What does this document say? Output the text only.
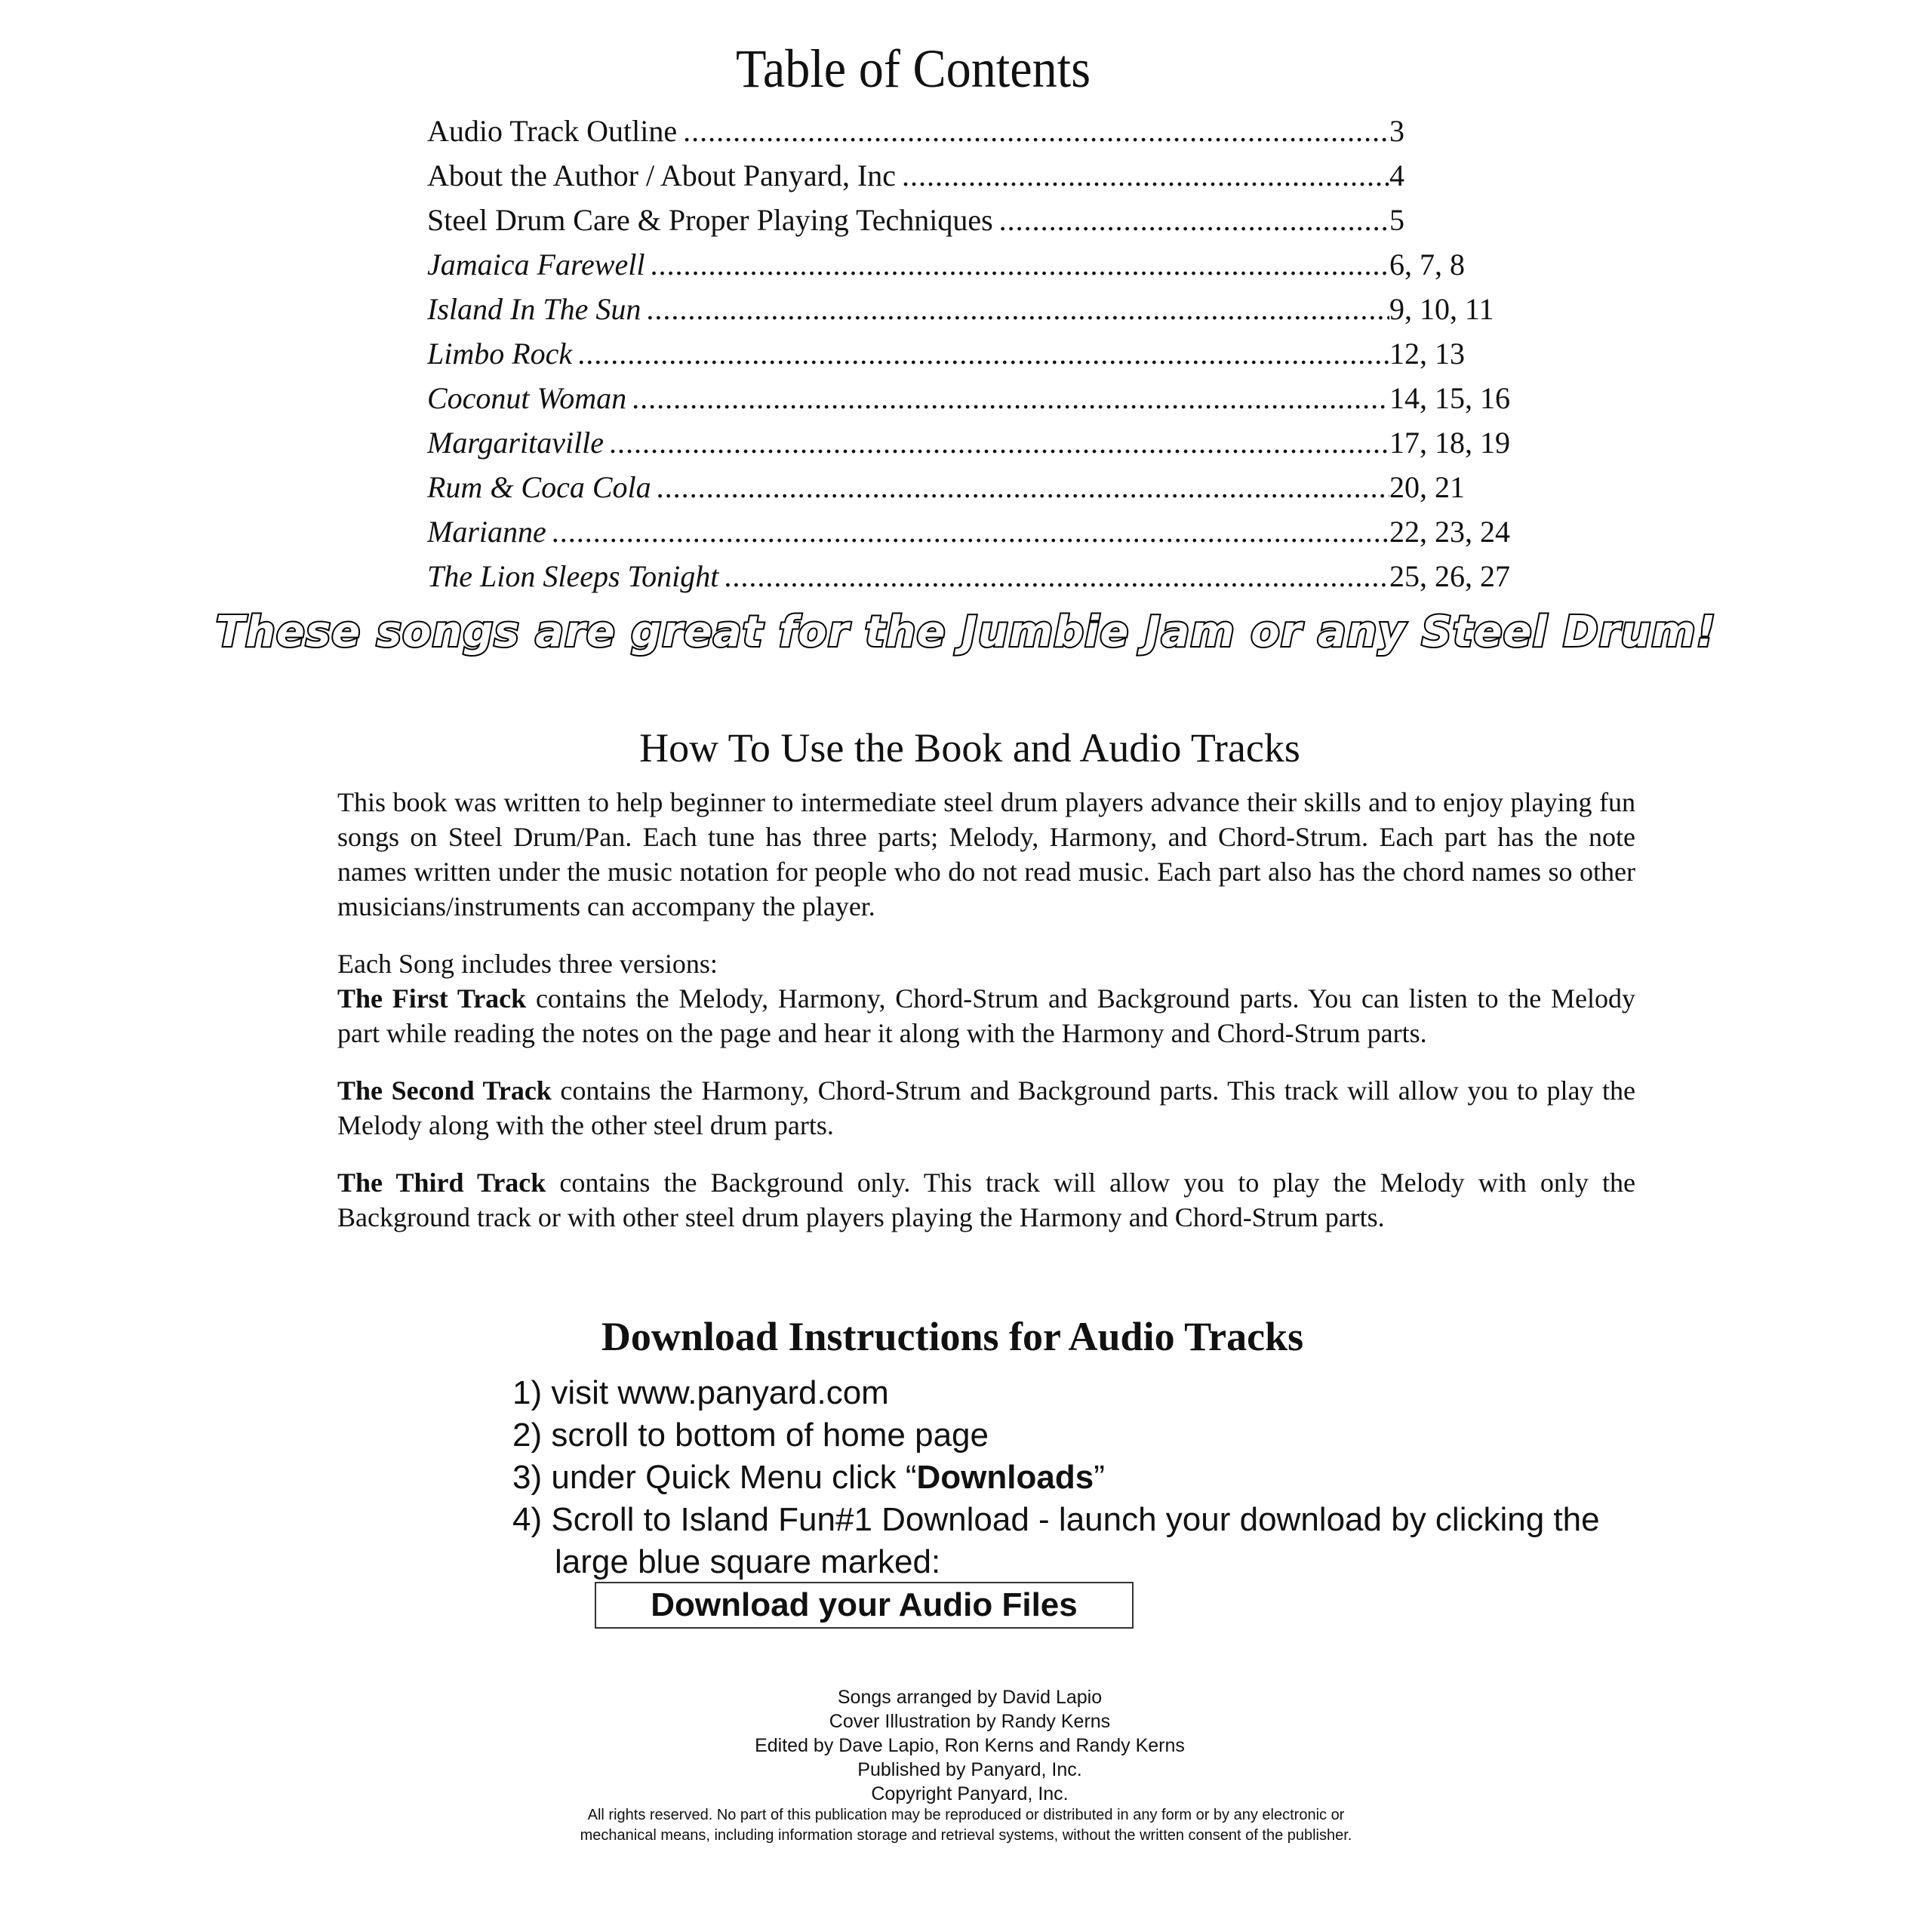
Table of Contents
Audio Track Outline .....	3
About the Author / About Panyard, Inc .....	4
Steel Drum Care & Proper Playing Techniques .....	5
Jamaica Farewell .....	6, 7, 8
Island In The Sun .....	9, 10, 11
Limbo Rock .....	12, 13
Coconut Woman .....	14, 15, 16
Margaritaville .....	17, 18, 19
Rum & Coca Cola .....	20, 21
Marianne .....	22, 23, 24
The Lion Sleeps Tonight .....	25, 26, 27
These songs are great for the Jumbie Jam or any Steel Drum!
How To Use the Book and Audio Tracks

This book was written to help beginner to intermediate steel drum players advance their skills and to enjoy playing fun songs on Steel Drum/Pan. Each tune has three parts; Melody, Harmony, and Chord-Strum. Each part has the note names written under the music notation for people who do not read music. Each part also has the chord names so other musicians/instruments can accompany the player.

Each Song includes three versions:

The First Track contains the Melody, Harmony, Chord-Strum and Background parts. You can listen to the Melody part while reading the notes on the page and hear it along with the Harmony and Chord-Strum parts.

The Second Track contains the Harmony, Chord-Strum and Background parts. This track will allow you to play the Melody along with the other steel drum parts.

The Third Track contains the Background only. This track will allow you to play the Melody with only the Background track or with other steel drum players playing the Harmony and Chord-Strum parts.

Download Instructions for Audio Tracks
1) visit www.panyard.com
2) scroll to bottom of home page
3) under Quick Menu click “Downloads”
4) Scroll to Island Fun#1 Download - launch your download by clicking the
large blue square marked:
Download your Audio Files
Songs arranged by David Lapio
Cover Illustration by Randy Kerns
Edited by Dave Lapio, Ron Kerns and Randy Kerns
Published by Panyard, Inc.
Copyright Panyard, Inc.
All rights reserved. No part of this publication may be reproduced or distributed in any form or by any electronic or
mechanical means, including information storage and retrieval systems, without the written consent of the publisher.
